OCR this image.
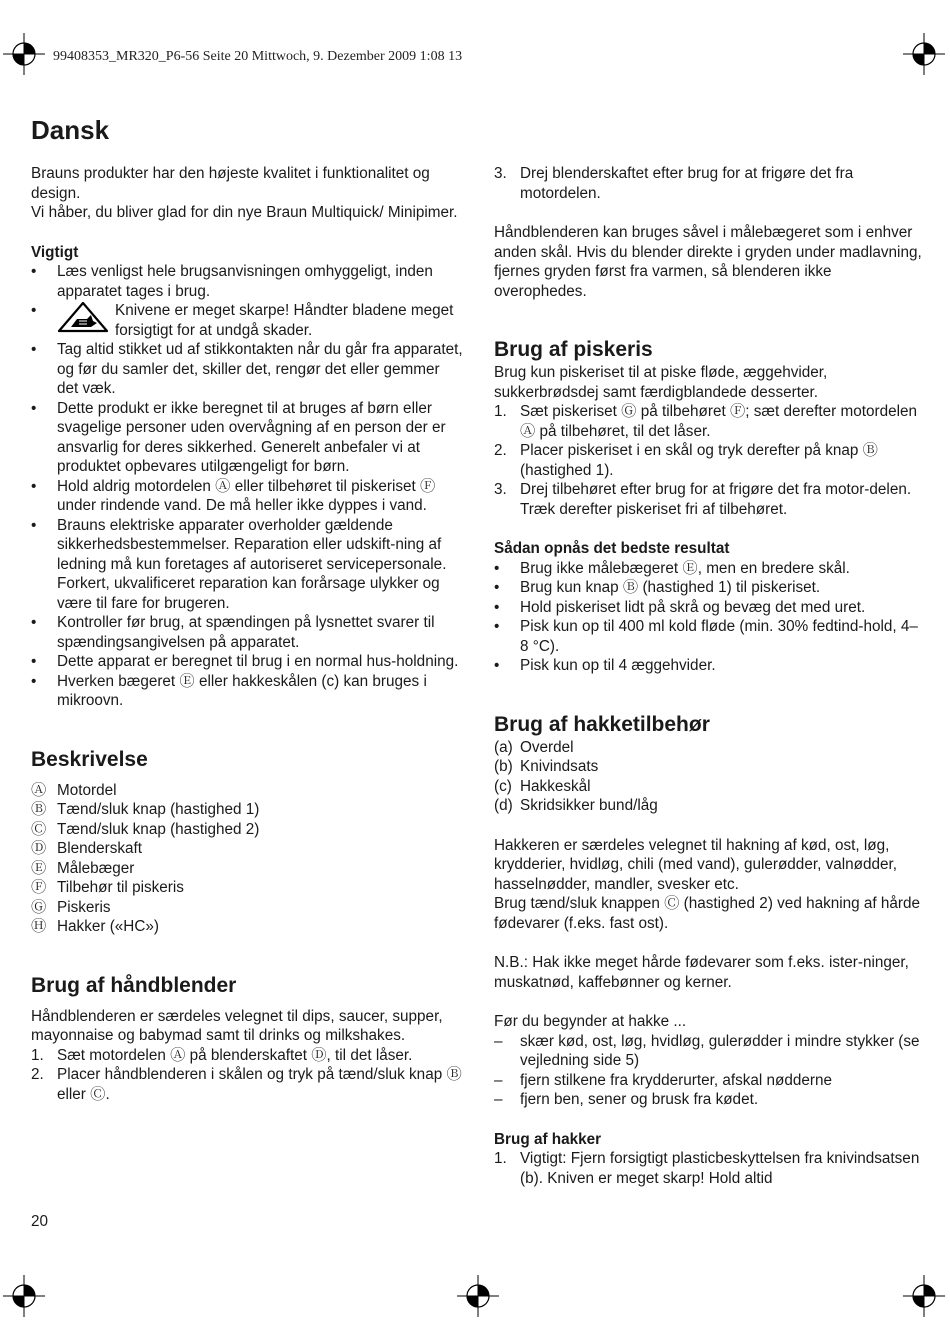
99408353_MR320_P6-56 Seite 20 Mittwoch, 9. Dezember 2009 1:08 13
Dansk

Brauns produkter har den højeste kvalitet i funktionalitet og design.

Vi håber, du bliver glad for din nye Braun Multiquick/ Minipimer.

Vigtigt
• Læs venligst hele brugsanvisningen omhyggeligt, inden apparatet tages i brug.
• Knivene er meget skarpe! Håndter bladene meget forsigtigt for at undgå skader.
• Tag altid stikket ud af stikkontakten når du går fra apparatet, og før du samler det, skiller det, rengør det eller gemmer det væk.
• Dette produkt er ikke beregnet til at bruges af børn eller svagelige personer uden overvågning af en person der er ansvarlig for deres sikkerhed. Generelt anbefaler vi at produktet opbevares utilgængeligt for børn.
• Hold aldrig motordelen Ⓐ eller tilbehøret til piskeriset Ⓕ under rindende vand. De må heller ikke dyppes i vand.
• Brauns elektriske apparater overholder gældende sikkerhedsbestemmelser. Reparation eller udskift-ning af ledning må kun foretages af autoriseret servicepersonale. Forkert, ukvalificeret reparation kan forårsage ulykker og være til fare for brugeren.
• Kontroller før brug, at spændingen på lysnettet svarer til spændingsangivelsen på apparatet.
• Dette apparat er beregnet til brug i en normal hus-holdning.
• Hverken bægeret Ⓔ eller hakkeskålen (c) kan bruges i mikroovn.
Beskrivelse
Ⓐ Motordel
Ⓑ Tænd/sluk knap (hastighed 1)
Ⓒ Tænd/sluk knap (hastighed 2)
Ⓓ Blenderskaft
Ⓔ Målebæger
Ⓕ Tilbehør til piskeris
Ⓖ Piskeris
Ⓗ Hakker («HC»)
Brug af håndblender

Håndblenderen er særdeles velegnet til dips, saucer, supper, mayonnaise og babymad samt til drinks og milkshakes.

1. Sæt motordelen Ⓐ på blenderskaftet Ⓓ, til det låser.
2. Placer håndblenderen i skålen og tryk på tænd/sluk knap Ⓑ eller Ⓒ.
3. Drej blenderskaftet efter brug for at frigøre det fra motordelen.

Håndblenderen kan bruges såvel i målebægeret som i enhver anden skål. Hvis du blender direkte i gryden under madlavning, fjernes gryden først fra varmen, så blenderen ikke overophedes.

Brug af piskeris

Brug kun piskeriset til at piske fløde, æggehvider, sukkerbrødsdej samt færdigblandede desserter.

1. Sæt piskeriset Ⓖ på tilbehøret Ⓕ; sæt derefter motordelen Ⓐ på tilbehøret, til det låser.
2. Placer piskeriset i en skål og tryk derefter på knap Ⓑ (hastighed 1).
3. Drej tilbehøret efter brug for at frigøre det fra motor-delen. Træk derefter piskeriset fri af tilbehøret.
Sådan opnås det bedste resultat
• Brug ikke målebægeret Ⓔ, men en bredere skål.
• Brug kun knap Ⓑ (hastighed 1) til piskeriset.
• Hold piskeriset lidt på skrå og bevæg det med uret.
• Pisk kun op til 400 ml kold fløde (min. 30% fedtind-hold, 4–8 °C).
• Pisk kun op til 4 æggehvider.
Brug af hakketilbehør
(a) Overdel
(b) Knivindsats
(c) Hakkeskål
(d) Skridsikker bund/låg

Hakkeren er særdeles velegnet til hakning af kød, ost, løg, krydderier, hvidløg, chili (med vand), gulerødder, valnødder, hasselnødder, mandler, svesker etc.

Brug tænd/sluk knappen Ⓒ (hastighed 2) ved hakning af hårde fødevarer (f.eks. fast ost).

N.B.: Hak ikke meget hårde fødevarer som f.eks. ister-ninger, muskatnød, kaffebønner og kerner.

Før du begynder at hakke ...

– skær kød, ost, løg, hvidløg, gulerødder i mindre stykker (se vejledning side 5)
– fjern stilkene fra krydderurter, afskal nødderne
– fjern ben, sener og brusk fra kødet.
Brug af hakker
1. Vigtigt: Fjern forsigtigt plasticbeskyttelsen fra knivindsatsen (b). Kniven er meget skarp! Hold altid
20
